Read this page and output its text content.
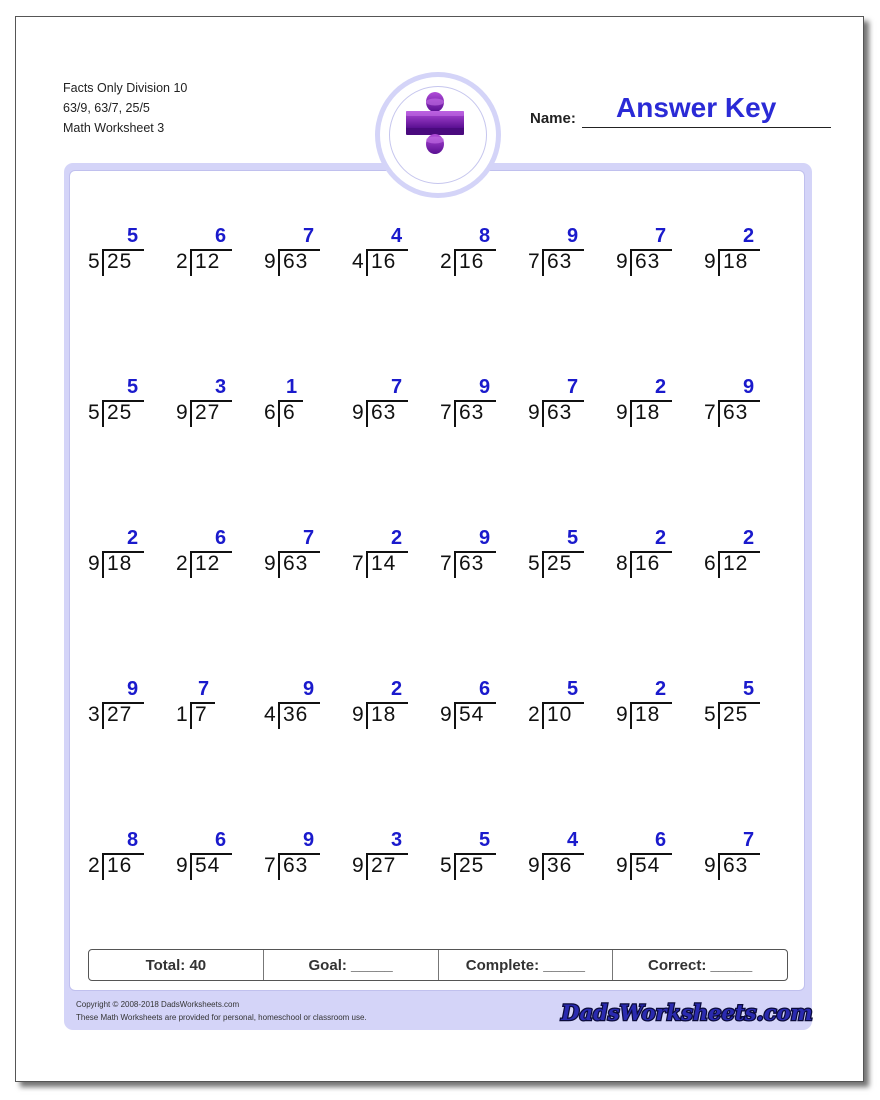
Facts Only Division 10
63/9, 63/7, 25/5
Math Worksheet 3
Name: Answer Key
5
5 25
6
2 12
7
9 63
4
4 16
8
2 16
9
7 63
7
9 63
2
9 18
5
5 25
3
9 27
1
6 6
7
9 63
9
7 63
7
9 63
2
9 18
9
7 63
2
9 18
6
2 12
7
9 63
2
7 14
9
7 63
5
5 25
2
8 16
2
6 12
9
3 27
7
1 7
9
4 36
2
9 18
6
9 54
5
2 10
2
9 18
5
5 25
8
2 16
6
9 54
9
7 63
3
9 27
5
5 25
4
9 36
6
9 54
7
9 63
Total: 40	Goal: _____	Complete: _____	Correct: _____
Copyright © 2008-2018 DadsWorksheets.com
These Math Worksheets are provided for personal, homeschool or classroom use.	DadsWorksheets.com
